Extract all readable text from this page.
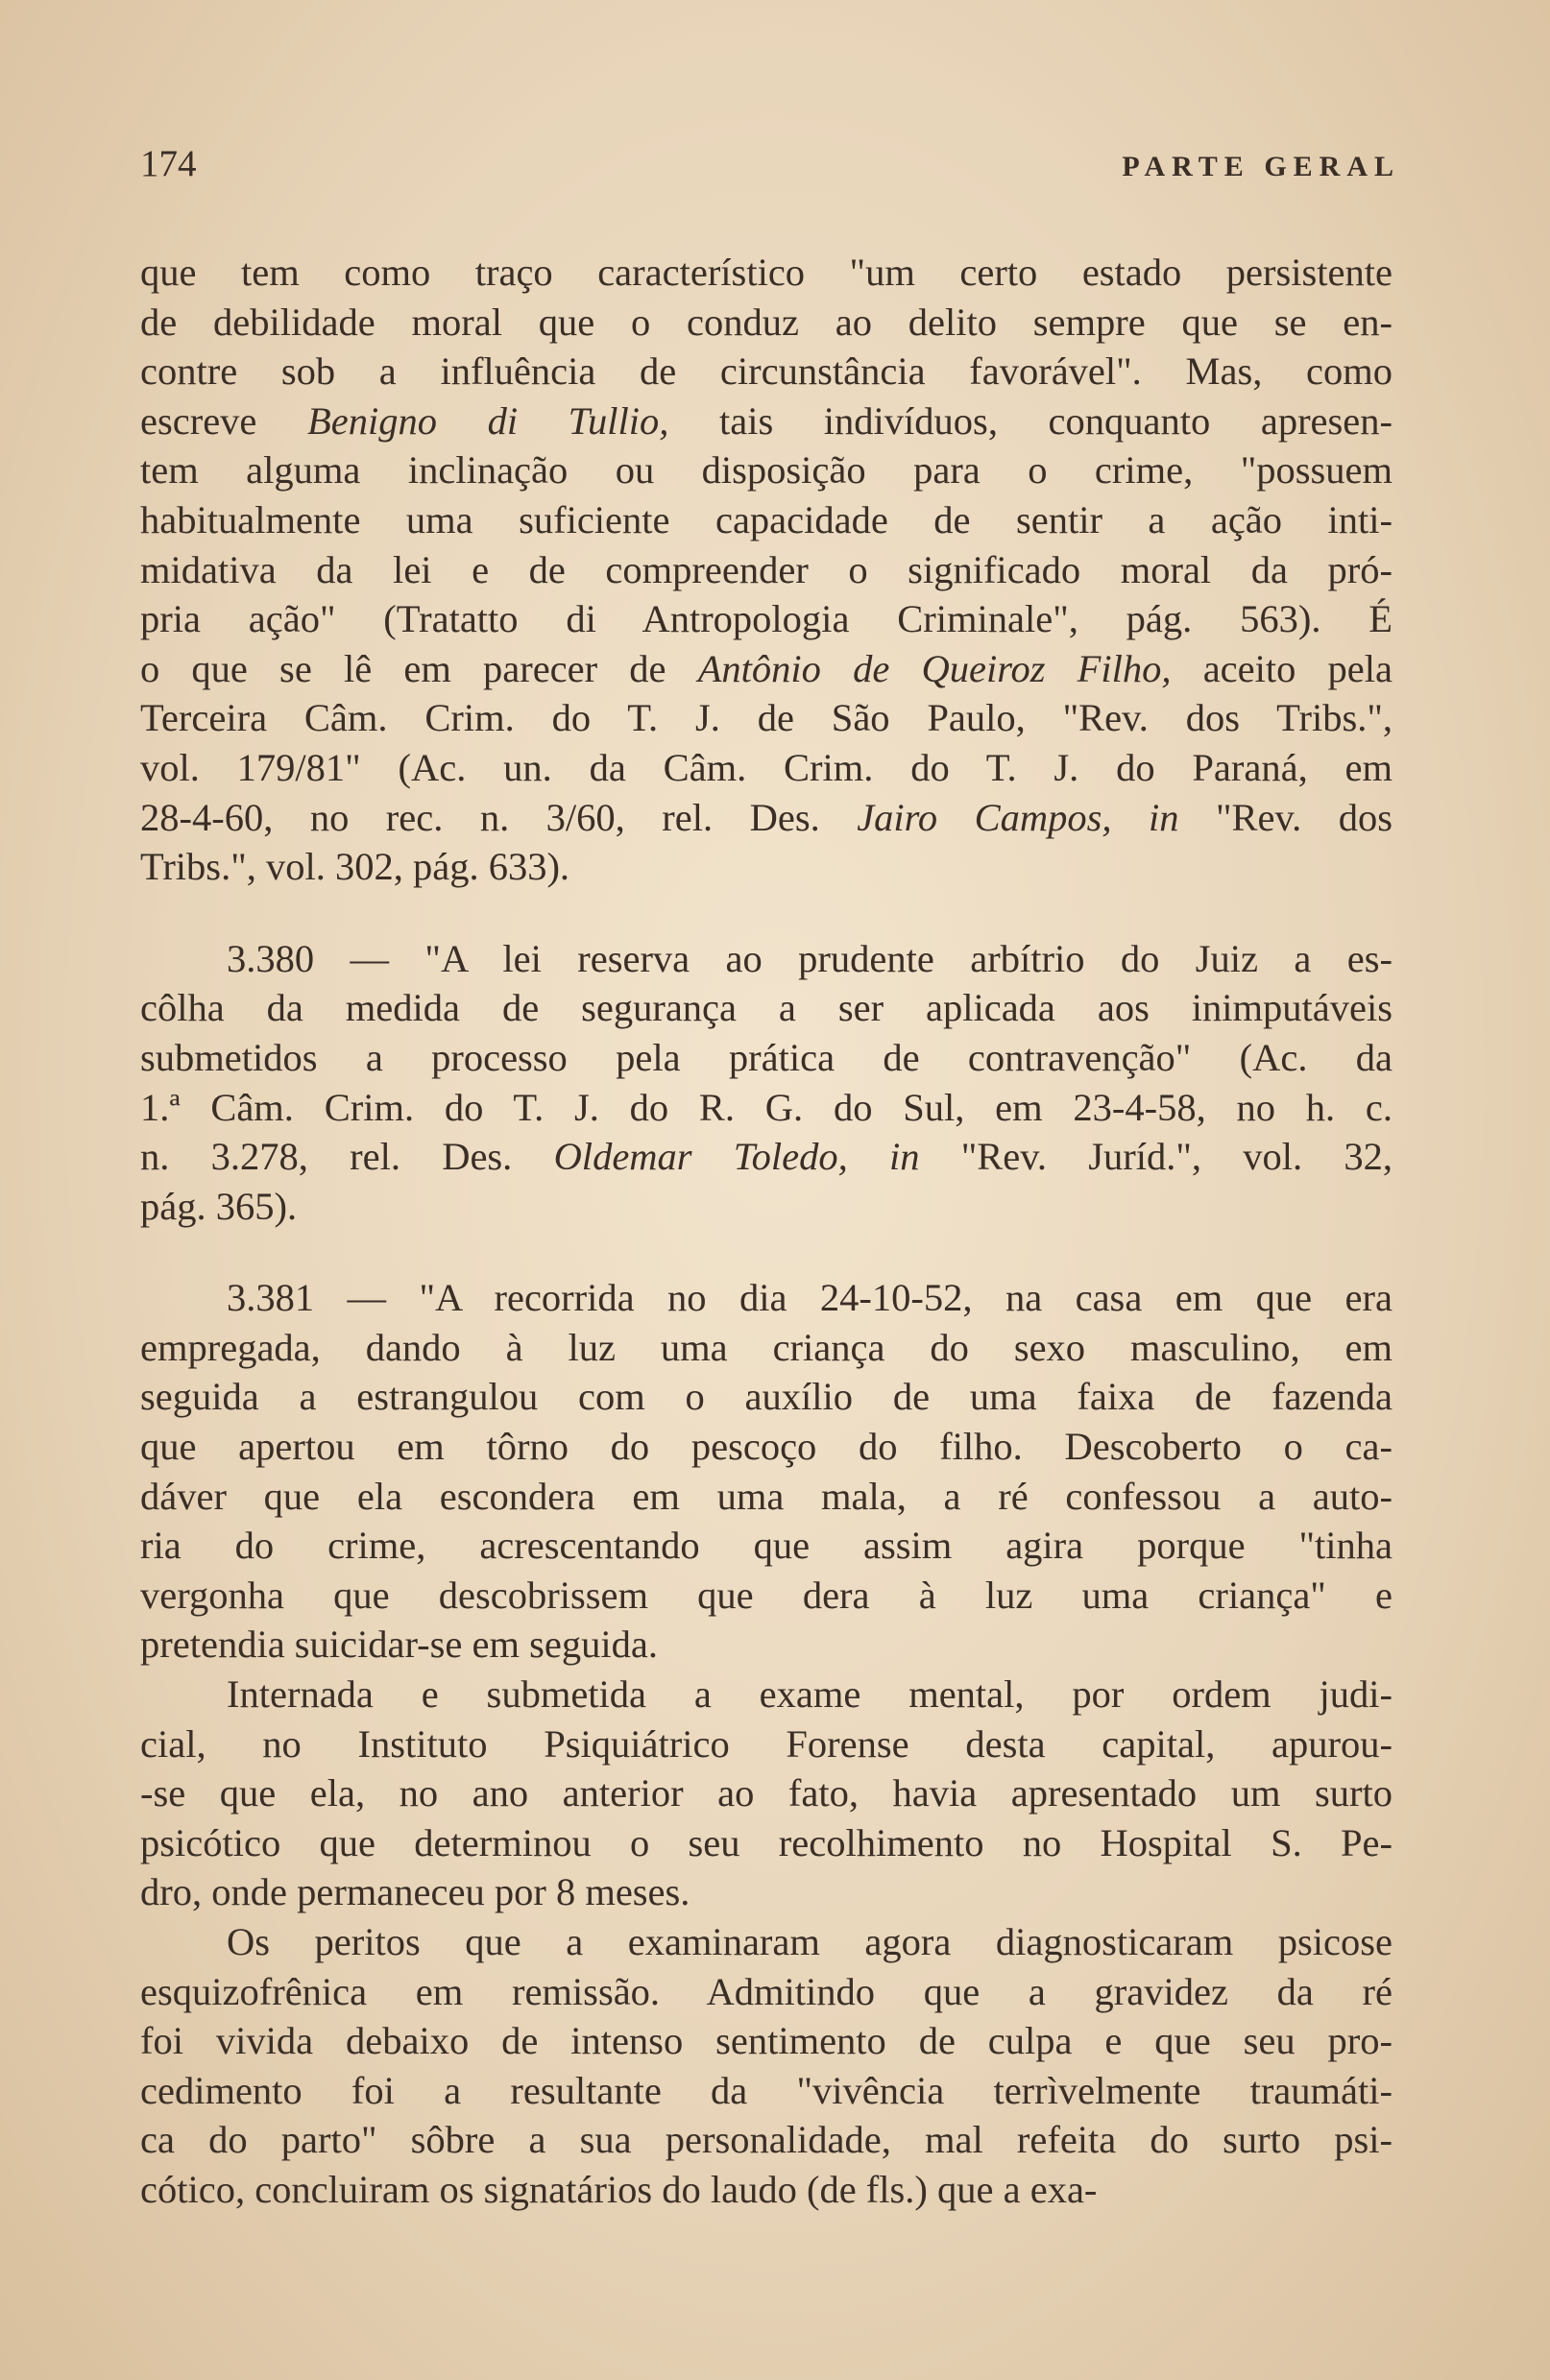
174	PARTE GERAL

que tem como traço característico "um certo estado persistente
de debilidade moral que o conduz ao delito sempre que se en-
contre sob a influência de circunstância favorável". Mas, como
escreve Benigno di Tullio, tais indivíduos, conquanto apresen-
tem alguma inclinação ou disposição para o crime, "possuem
habitualmente uma suficiente capacidade de sentir a ação inti-
midativa da lei e de compreender o significado moral da pró-
pria ação" (Tratatto di Antropologia Criminale", pág. 563). É
o que se lê em parecer de Antônio de Queiroz Filho, aceito pela
Terceira Câm. Crim. do T. J. de São Paulo, "Rev. dos Tribs.",
vol. 179/81" (Ac. un. da Câm. Crim. do T. J. do Paraná, em
28-4-60, no rec. n. 3/60, rel. Des. Jairo Campos, in "Rev. dos
Tribs.", vol. 302, pág. 633).

3.380 — "A lei reserva ao prudente arbítrio do Juiz a es-
côlha da medida de segurança a ser aplicada aos inimputáveis
submetidos a processo pela prática de contravenção" (Ac. da
1.ª Câm. Crim. do T. J. do R. G. do Sul, em 23-4-58, no h. c.
n. 3.278, rel. Des. Oldemar Toledo, in "Rev. Juríd.", vol. 32,
pág. 365).

3.381 — "A recorrida no dia 24-10-52, na casa em que era
empregada, dando à luz uma criança do sexo masculino, em
seguida a estrangulou com o auxílio de uma faixa de fazenda
que apertou em tôrno do pescoço do filho. Descoberto o ca-
dáver que ela escondera em uma mala, a ré confessou a auto-
ria do crime, acrescentando que assim agira porque "tinha
vergonha que descobrissem que dera à luz uma criança" e
pretendia suicidar-se em seguida.

Internada e submetida a exame mental, por ordem judi-
cial, no Instituto Psiquiátrico Forense desta capital, apurou-
-se que ela, no ano anterior ao fato, havia apresentado um surto
psicótico que determinou o seu recolhimento no Hospital S. Pe-
dro, onde permaneceu por 8 meses.

Os peritos que a examinaram agora diagnosticaram psicose
esquizofrênica em remissão. Admitindo que a gravidez da ré
foi vivida debaixo de intenso sentimento de culpa e que seu pro-
cedimento foi a resultante da "vivência terrìvelmente traumáti-
ca do parto" sôbre a sua personalidade, mal refeita do surto psi-
cótico, concluiram os signatários do laudo (de fls.) que a exa-
